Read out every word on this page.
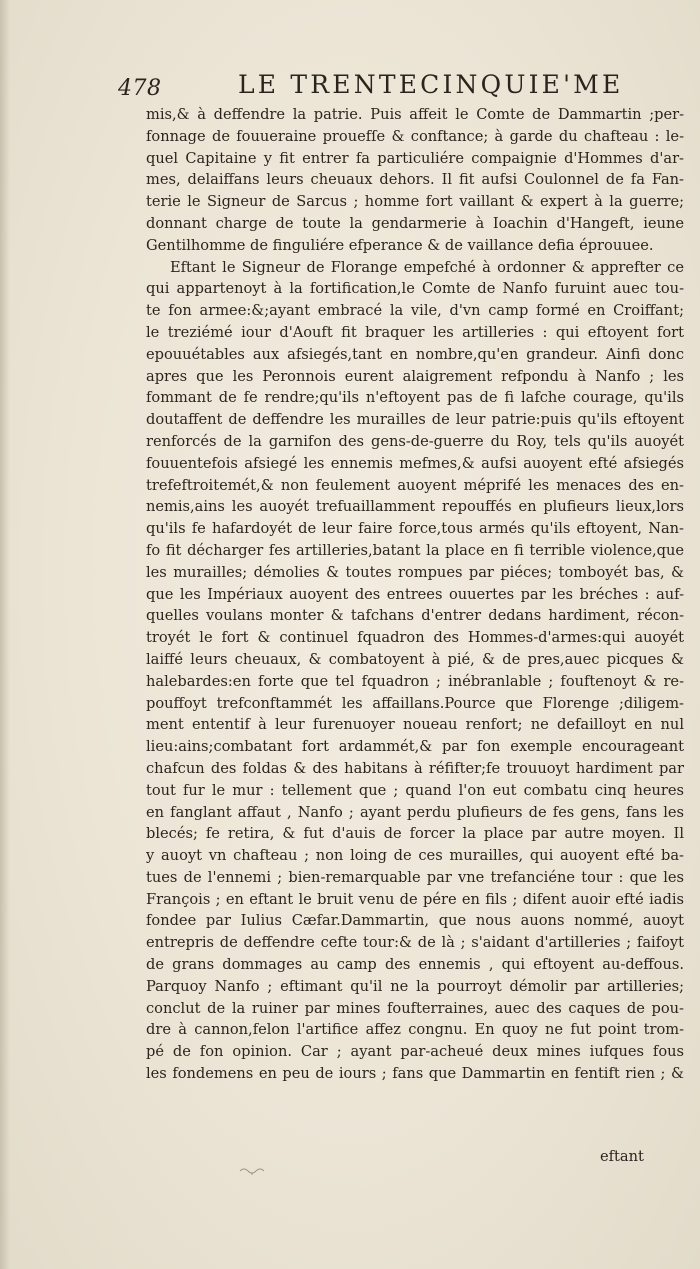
478	LE TRENTECINQUIE'ME
mis,& à deffendre la patrie. Puis affeit le Comte de Dammartin ;per-
fonnage de fouueraine prouefſe & conftance; à garde du chafteau : le-
quel Capitaine y fit entrer fa particuliére compaignie d'Hommes d'ar-
mes, delaiffans leurs cheuaux dehors. Il fit aufsi Coulonnel de fa Fan-
terie le Signeur de Sarcus ; homme fort vaillant & expert à la guerre;
donnant charge de toute la gendarmerie à Ioachin d'Hangeft, ieune
Gentilhomme de finguliére efperance & de vaillance defia éprouuee.
Eftant le Signeur de Florange empefché à ordonner & apprefter ce
qui appartenoyt à la fortification,le Comte de Nanfo furuint auec tou-
te fon armee:&;ayant embracé la vile, d'vn camp formé en Croiffant;
le treziémé iour d'Aouft fit braquer les artilleries : qui eftoyent fort
epouuétables aux afsiegés,tant en nombre,qu'en grandeur. Ainfi donc
apres que les Peronnois eurent alaigrement refpondu à Nanfo ; les
fommant de fe rendre;qu'ils n'eftoyent pas de fi lafche courage, qu'ils
doutaffent de deffendre les murailles de leur patrie:puis qu'ils eftoyent
renforcés de la garnifon des gens-de-guerre du Roy, tels qu'ils auoyét
fouuentefois afsiegé les ennemis mefmes,& aufsi auoyent efté afsiegés
trefeftroitemét,& non feulement auoyent méprifé les menaces des en-
nemis,ains les auoyét trefuaillamment repouffés en plufieurs lieux,lors
qu'ils fe hafardoyét de leur faire force,tous armés qu'ils eftoyent, Nan-
fo fit décharger fes artilleries,batant la place en fi terrible violence,que
les murailles; démolies & toutes rompues par piéces; tomboyét bas, &
que les Impériaux auoyent des entrees ouuertes par les bréches : auf-
quelles voulans monter & tafchans d'entrer dedans hardiment, récon-
troyét le fort & continuel fquadron des Hommes-d'armes:qui auoyét
laiffé leurs cheuaux, & combatoyent à pié, & de pres,auec picques &
halebardes:en forte que tel fquadron ; inébranlable ; fouftenoyt & re-
pouffoyt trefconftammét les affaillans.Pource que Florenge ;diligem-
ment ententif à leur furenuoyer noueau renfort; ne defailloyt en nul
lieu:ains;combatant fort ardammét,& par fon exemple encourageant
chafcun des foldas & des habitans à réfifter;fe trouuoyt hardiment par
tout fur le mur : tellement que ; quand l'on eut combatu cinq heures
en fanglant affaut , Nanfo ; ayant perdu plufieurs de fes gens, fans les
blecés; fe retira, & fut d'auis de forcer la place par autre moyen. Il
y auoyt vn chafteau ; non loing de ces murailles, qui auoyent efté ba-
tues de l'ennemi ; bien-remarquable par vne trefanciéne tour : que les
François ; en eftant le bruit venu de pére en fils ; difent auoir efté iadis
fondee par Iulius Cæfar.Dammartin, que nous auons nommé, auoyt
entrepris de deffendre cefte tour:& de là ; s'aidant d'artilleries ; faifoyt
de grans dommages au camp des ennemis , qui eftoyent au-deffous.
Parquoy Nanfo ; eftimant qu'il ne la pourroyt démolir par artilleries;
conclut de la ruiner par mines foufterraines, auec des caques de pou-
dre à cannon,felon l'artifice affez congnu. En quoy ne fut point trom-
pé de fon opinion. Car ; ayant par-acheué deux mines iufques fous
les fondemens en peu de iours ; fans que Dammartin en fentift rien ; &
eftant
